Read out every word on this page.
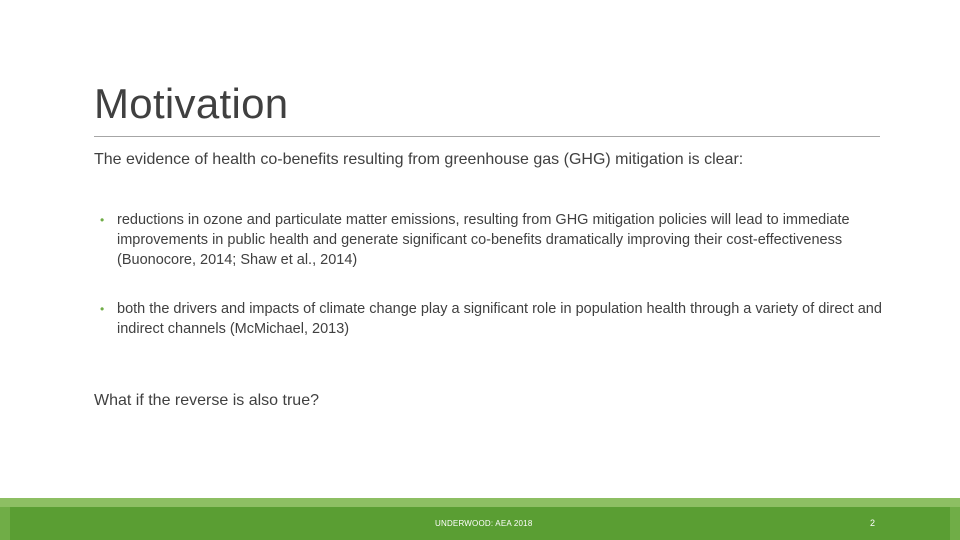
Motivation
The evidence of health co-benefits resulting from greenhouse gas (GHG) mitigation is clear:
• reductions in ozone and particulate matter emissions, resulting from GHG mitigation policies will lead to immediate improvements in public health and generate significant co-benefits dramatically improving their cost-effectiveness (Buonocore, 2014; Shaw et al., 2014)
• both the drivers and impacts of climate change play a significant role in population health through a variety of direct and indirect channels (McMichael, 2013)
What if the reverse is also true?
UNDERWOOD: AEA 2018	2
